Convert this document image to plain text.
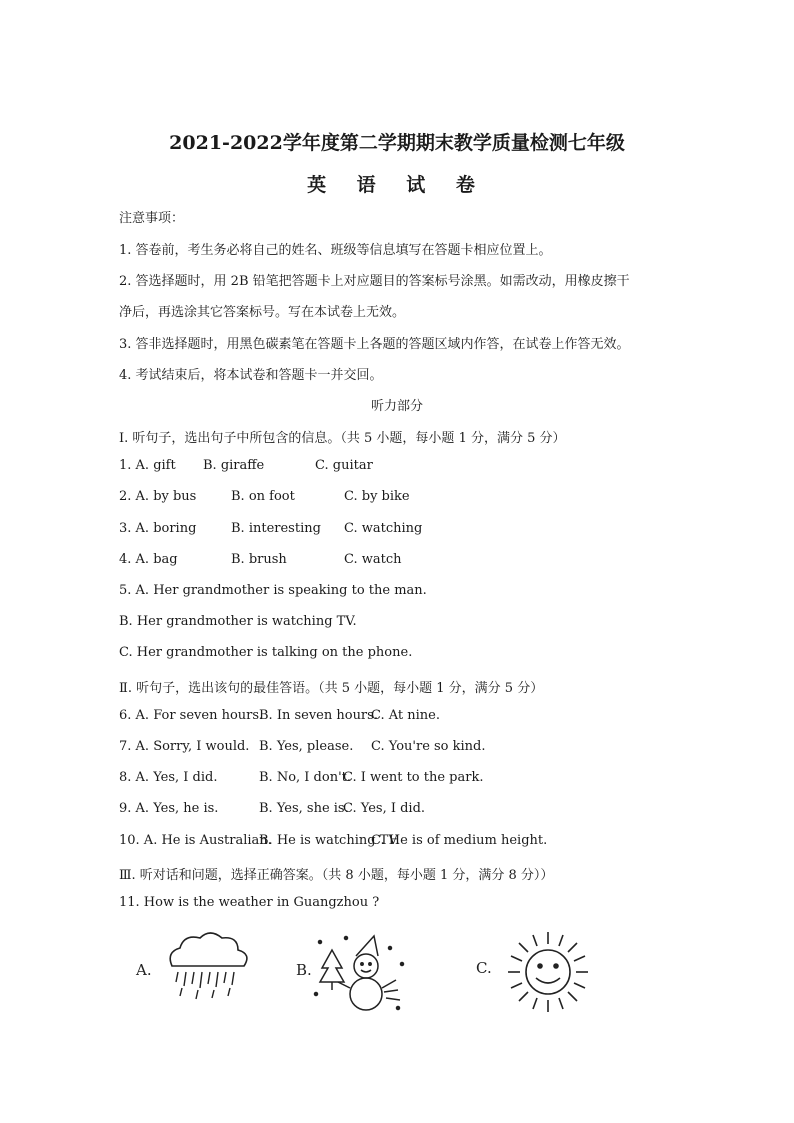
2021-2022学年度第二学期期末教学质量检测七年级
英 语 试 卷
注意事项：
1. 答卷前，考生务必将自己的姓名、班级等信息填写在答题卡相应位置上。
2. 答选择题时，用 2B 铅笔把答题卡上对应题目的答案标号涂黑。如需改动，用橡皮擦干
净后，再选涂其它答案标号。写在本试卷上无效。
3. 答非选择题时，用黑色碳素笔在答题卡上各题的答题区域内作答，在试卷上作答无效。
4. 考试结束后，将本试卷和答题卡一并交回。
听力部分
Ⅰ. 听句子，选出句子中所包含的信息。（共 5 小题，每小题 1 分，满分 5 分）
1. A. gift B. giraffe	C. guitar
2. A. by bus	B. on foot	C. by bike
3. A. boring	B. interesting C. watching
4. A. bag	B. brush	C. watch
5. A. Her grandmother is speaking to the man.
B. Her grandmother is watching TV.
C. Her grandmother is talking on the phone.
Ⅱ. 听句子，选出该句的最佳答语。（共 5 小题，每小题 1 分，满分 5 分）
6. A. For seven hours.B. In seven hours.C. At nine.
7. A. Sorry, I would. B. Yes, please. C. You're so kind.
8. A. Yes, I did.	B. No, I don't.C. I went to the park.
9. A. Yes, he is.	B. Yes, she is.C. Yes, I did.
10. A. He is Australian.B. He is watching TV.C. He is of medium height.
Ⅲ. 听对话和问题，选择正确答案。（共 8 小题，每小题 1 分，满分 8 分））
11. How is the weather in Guangzhou ?
A.	B.	C.
